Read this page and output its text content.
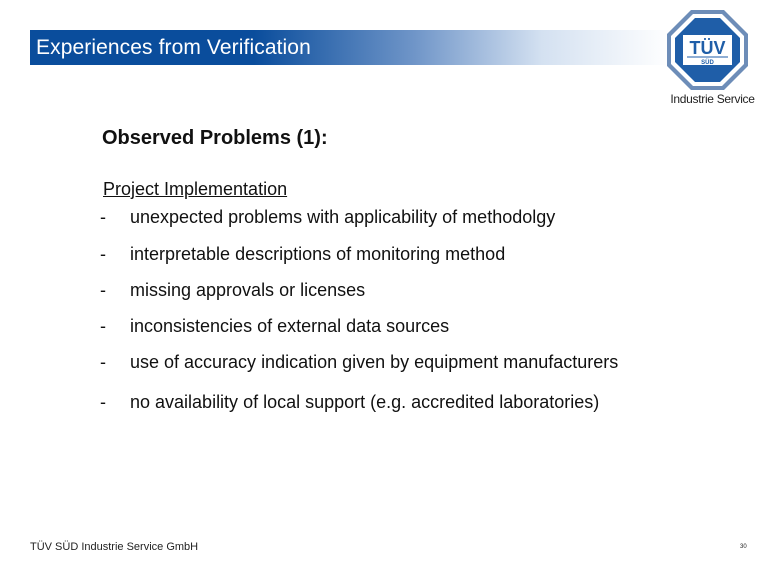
Experiences from Verification	TÜV
SÜD
Industrie Service
Observed Problems (1):
Project Implementation
-	unexpected problems with applicability of methodolgy
-	interpretable descriptions of monitoring method
-	missing approvals or licenses
-	inconsistencies of external data sources
-	use of accuracy indication given by equipment manufacturers
-	no availability of local support (e.g. accredited laboratories)
TÜV SÜD Industrie Service GmbH	30
